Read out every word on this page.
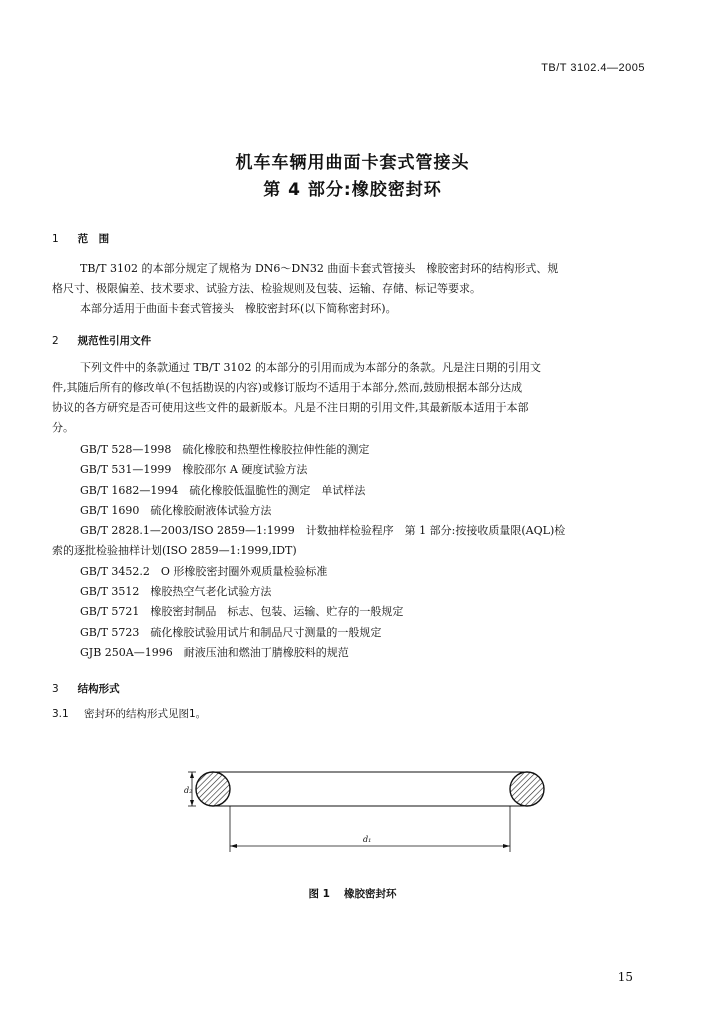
TB/T 3102.4—2005
机车车辆用曲面卡套式管接头
第 4 部分:橡胶密封环
1 范　围
TB/T 3102 的本部分规定了规格为 DN6～DN32 曲面卡套式管接头　橡胶密封环的结构形式、规
格尺寸、极限偏差、技术要求、试验方法、检验规则及包装、运输、存储、标记等要求。
本部分适用于曲面卡套式管接头　橡胶密封环(以下简称密封环)。
2 规范性引用文件
下列文件中的条款通过 TB/T 3102 的本部分的引用而成为本部分的条款。凡是注日期的引用文
件,其随后所有的修改单(不包括勘误的内容)或修订版均不适用于本部分,然而,鼓励根据本部分达成
协议的各方研究是否可使用这些文件的最新版本。凡是不注日期的引用文件,其最新版本适用于本部
分。
GB/T 528—1998　硫化橡胶和热塑性橡胶拉伸性能的测定
GB/T 531—1999　橡胶邵尔 A 硬度试验方法
GB/T 1682—1994　硫化橡胶低温脆性的测定　单试样法
GB/T 1690　硫化橡胶耐液体试验方法
GB/T 2828.1—2003/ISO 2859—1:1999　计数抽样检验程序　第 1 部分:按接收质量限(AQL)检
索的逐批检验抽样计划(ISO 2859—1:1999,IDT)
GB/T 3452.2　O 形橡胶密封圈外观质量检验标准
GB/T 3512　橡胶热空气老化试验方法
GB/T 5721　橡胶密封制品　标志、包装、运输、贮存的一般规定
GB/T 5723　硫化橡胶试验用试片和制品尺寸测量的一般规定
GJB 250A—1996　耐液压油和燃油丁腈橡胶料的规范
3 结构形式
3.1 密封环的结构形式见图1。
d₂
d₁
图 1 橡胶密封环
15
